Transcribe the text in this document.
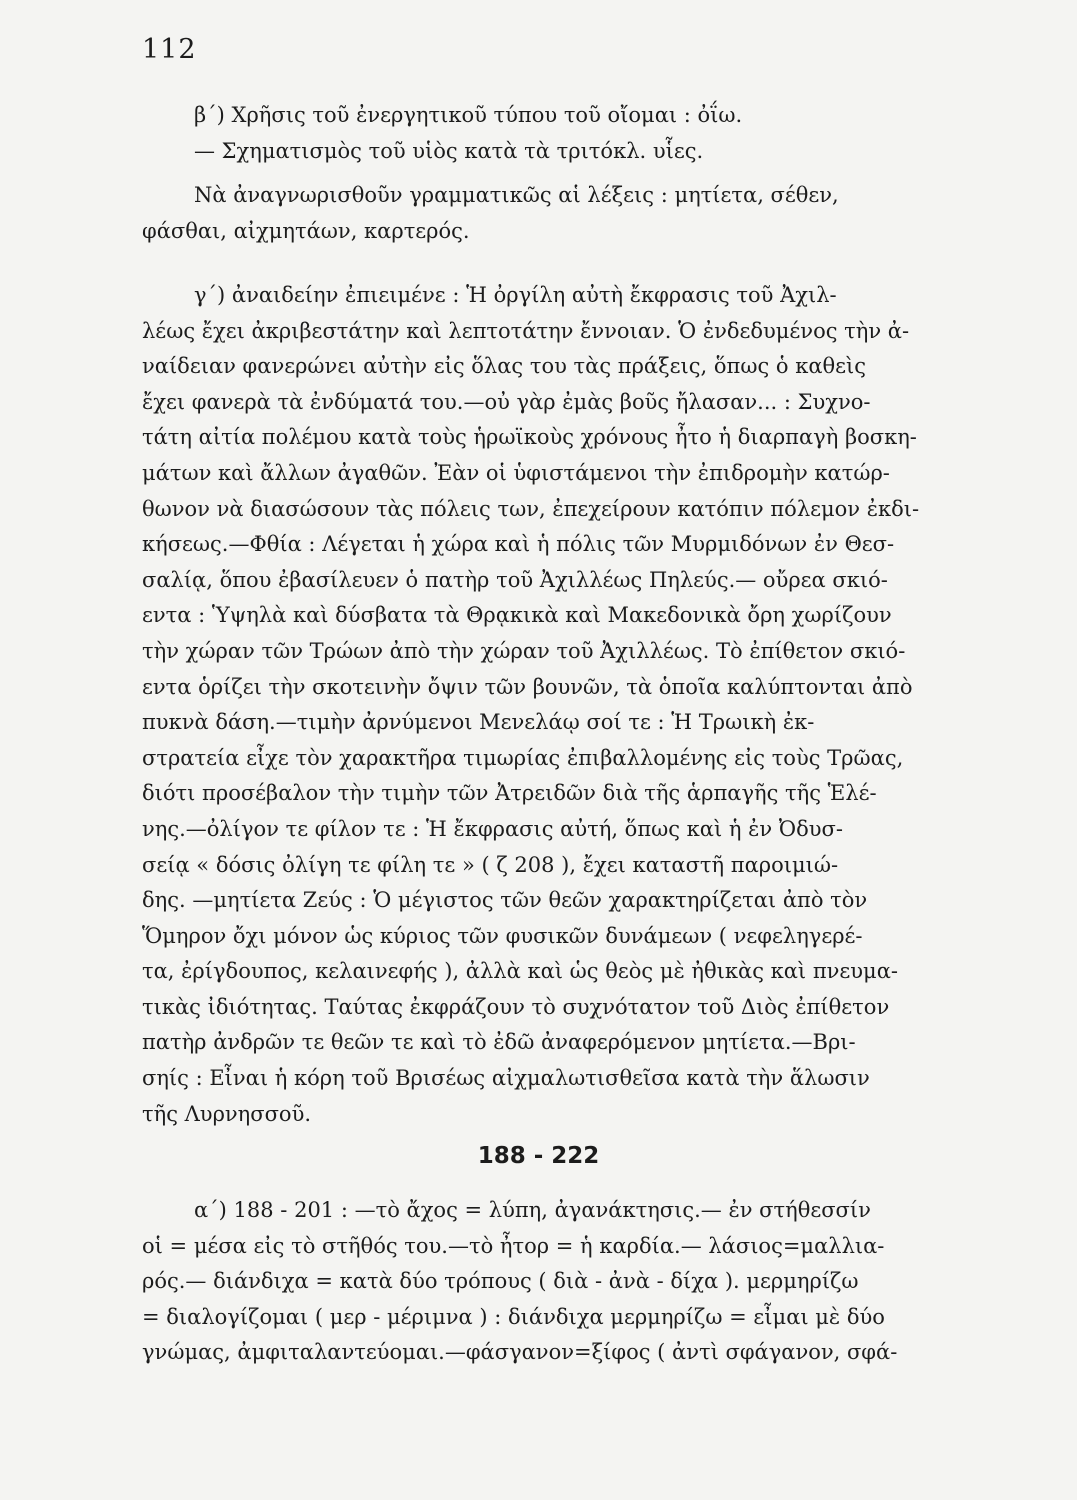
112
β΄) Χρῆσις τοῦ ἐνεργητικοῦ τύπου τοῦ οἴομαι : ὀΐω.
— Σχηματισμὸς τοῦ υἱὸς κατὰ τὰ τριτόκλ. υἷες.
Νὰ ἀναγνωρισθοῦν γραμματικῶς αἱ λέξεις : μητίετα, σέθεν,
φάσθαι, αἰχμητάων, καρτερός.
γ΄) ἀναιδείην ἐπιειμένε : Ἡ ὀργίλη αὐτὴ ἔκφρασις τοῦ Ἀχιλ-
λέως ἔχει ἀκριβεστάτην καὶ λεπτοτάτην ἔννοιαν. Ὁ ἐνδεδυμένος τὴν ἀ-
ναίδειαν φανερώνει αὐτὴν εἰς ὅλας του τὰς πράξεις, ὅπως ὁ καθεὶς
ἔχει φανερὰ τὰ ἐνδύματά του.—οὐ γὰρ ἐμὰς βοῦς ἤλασαν... : Συχνο-
τάτη αἰτία πολέμου κατὰ τοὺς ἡρωϊκοὺς χρόνους ἦτο ἡ διαρπαγὴ βοσκη-
μάτων καὶ ἄλλων ἀγαθῶν. Ἐὰν οἱ ὑφιστάμενοι τὴν ἐπιδρομὴν κατώρ-
θωνον νὰ διασώσουν τὰς πόλεις των, ἐπεχείρουν κατόπιν πόλεμον ἐκδι-
κήσεως.—Φθία : Λέγεται ἡ χώρα καὶ ἡ πόλις τῶν Μυρμιδόνων ἐν Θεσ-
σαλίᾳ, ὅπου ἐβασίλευεν ὁ πατὴρ τοῦ Ἀχιλλέως Πηλεύς.— οὔρεα σκιό-
εντα : Ὑψηλὰ καὶ δύσβατα τὰ Θρᾳκικὰ καὶ Μακεδονικὰ ὄρη χωρίζουν
τὴν χώραν τῶν Τρώων ἀπὸ τὴν χώραν τοῦ Ἀχιλλέως. Τὸ ἐπίθετον σκιό-
εντα ὁρίζει τὴν σκοτεινὴν ὄψιν τῶν βουνῶν, τὰ ὁποῖα καλύπτονται ἀπὸ
πυκνὰ δάση.—τιμὴν ἀρνύμενοι Μενελάῳ σοί τε : Ἡ Τρωικὴ ἐκ-
στρατεία εἶχε τὸν χαρακτῆρα τιμωρίας ἐπιβαλλομένης εἰς τοὺς Τρῶας,
διότι προσέβαλον τὴν τιμὴν τῶν Ἀτρειδῶν διὰ τῆς ἁρπαγῆς τῆς Ἑλέ-
νης.—ὀλίγον τε φίλον τε : Ἡ ἔκφρασις αὐτή, ὅπως καὶ ἡ ἐν Ὀδυσ-
σείᾳ « δόσις ὀλίγη τε φίλη τε » ( ζ 208 ), ἔχει καταστῆ παροιμιώ-
δης. —μητίετα Ζεύς : Ὁ μέγιστος τῶν θεῶν χαρακτηρίζεται ἀπὸ τὸν
Ὅμηρον ὄχι μόνον ὡς κύριος τῶν φυσικῶν δυνάμεων ( νεφεληγερέ-
τα, ἐρίγδουπος, κελαινεφής ), ἀλλὰ καὶ ὡς θεὸς μὲ ἠθικὰς καὶ πνευμα-
τικὰς ἰδιότητας. Ταύτας ἐκφράζουν τὸ συχνότατον τοῦ Διὸς ἐπίθετον
πατὴρ ἀνδρῶν τε θεῶν τε καὶ τὸ ἐδῶ ἀναφερόμενον μητίετα.—Βρι-
σηίς : Εἶναι ἡ κόρη τοῦ Βρισέως αἰχμαλωτισθεῖσα κατὰ τὴν ἅλωσιν
τῆς Λυρνησσοῦ.
188 - 222
α΄) 188 - 201 : —τὸ ἄχος = λύπη, ἀγανάκτησις.— ἐν στήθεσσίν
οἱ = μέσα εἰς τὸ στῆθός του.—τὸ ἦτορ = ἡ καρδία.— λάσιος=μαλλια-
ρός.— διάνδιχα = κατὰ δύο τρόπους ( διὰ - ἀνὰ - δίχα ). μερμηρίζω
= διαλογίζομαι ( μερ - μέριμνα ) : διάνδιχα μερμηρίζω = εἶμαι μὲ δύο
γνώμας, ἀμφιταλαντεύομαι.—φάσγανον=ξίφος ( ἀντὶ σφάγανον, σφά-
